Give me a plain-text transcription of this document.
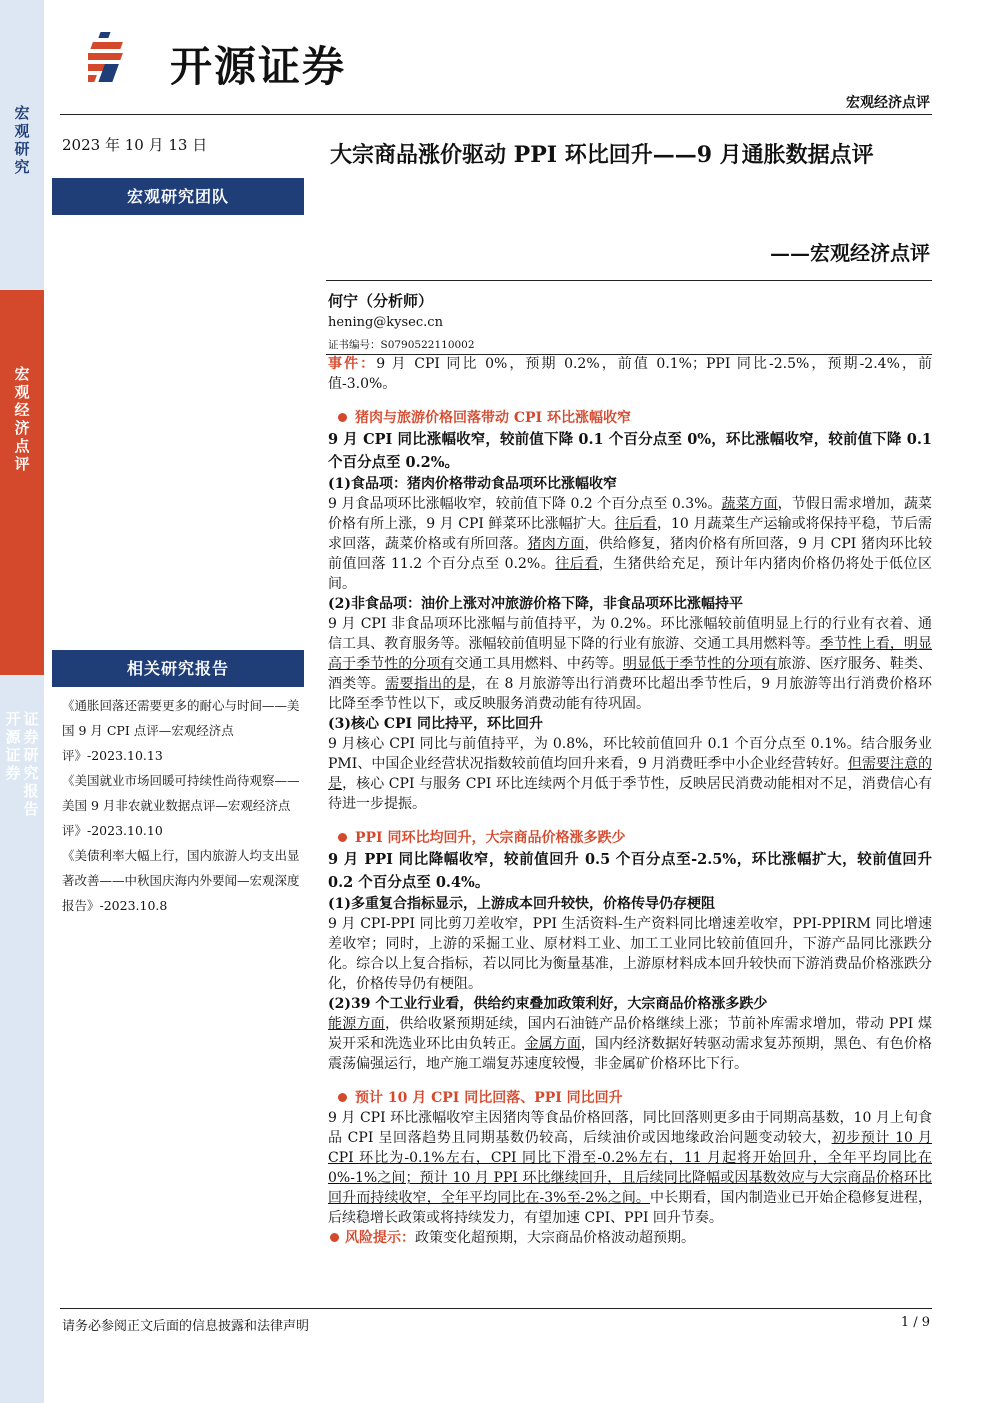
宏
观
研
究
宏
观
经
济
点
评
开
源
证
券
证
券
研
究
报
告
开源证券
宏观经济点评
2023 年 10 月 13 日
宏观研究团队
相关研究报告

《通胀回落还需要更多的耐心与时间——美国 9 月 CPI 点评—宏观经济点评》-2023.10.13

《美国就业市场回暖可持续性尚待观察——美国 9 月非农就业数据点评—宏观经济点评》-2023.10.10

《美债利率大幅上行，国内旅游人均支出显著改善——中秋国庆海内外要闻—宏观深度报告》-2023.10.8

大宗商品涨价驱动 PPI 环比回升——9 月通胀数据点评
——宏观经济点评
何宁（分析师）
hening@kysec.cn
证书编号：S0790522110002

事件：9 月 CPI 同比 0%，预期 0.2%，前值 0.1%；PPI 同比-2.5%，预期-2.4%，前值-3.0%。

猪肉与旅游价格回落带动 CPI 环比涨幅收窄

9 月 CPI 同比涨幅收窄，较前值下降 0.1 个百分点至 0%，环比涨幅收窄，较前值下降 0.1 个百分点至 0.2%。

(1)食品项：猪肉价格带动食品项环比涨幅收窄

9 月食品项环比涨幅收窄，较前值下降 0.2 个百分点至 0.3%。蔬菜方面，节假日需求增加，蔬菜价格有所上涨，9 月 CPI 鲜菜环比涨幅扩大。往后看，10 月蔬菜生产运输或将保持平稳，节后需求回落，蔬菜价格或有所回落。猪肉方面，供给修复，猪肉价格有所回落，9 月 CPI 猪肉环比较前值回落 11.2 个百分点至 0.2%。往后看，生猪供给充足，预计年内猪肉价格仍将处于低位区间。

(2)非食品项：油价上涨对冲旅游价格下降，非食品项环比涨幅持平

9 月 CPI 非食品项环比涨幅与前值持平，为 0.2%。环比涨幅较前值明显上行的行业有衣着、通信工具、教育服务等。涨幅较前值明显下降的行业有旅游、交通工具用燃料等。季节性上看，明显高于季节性的分项有交通工具用燃料、中药等。明显低于季节性的分项有旅游、医疗服务、鞋类、酒类等。需要指出的是，在 8 月旅游等出行消费环比超出季节性后，9 月旅游等出行消费价格环比降至季节性以下，或反映服务消费动能有待巩固。

(3)核心 CPI 同比持平，环比回升

9 月核心 CPI 同比与前值持平，为 0.8%，环比较前值回升 0.1 个百分点至 0.1%。结合服务业 PMI、中国企业经营状况指数较前值均回升来看，9 月消费旺季中小企业经营转好。但需要注意的是，核心 CPI 与服务 CPI 环比连续两个月低于季节性，反映居民消费动能相对不足，消费信心有待进一步提振。

PPI 同环比均回升，大宗商品价格涨多跌少

9 月 PPI 同比降幅收窄，较前值回升 0.5 个百分点至-2.5%，环比涨幅扩大，较前值回升 0.2 个百分点至 0.4%。

(1)多重复合指标显示，上游成本回升较快，价格传导仍存梗阻

9 月 CPI-PPI 同比剪刀差收窄，PPI 生活资料-生产资料同比增速差收窄，PPI-PPIRM 同比增速差收窄；同时，上游的采掘工业、原材料工业、加工工业同比较前值回升，下游产品同比涨跌分化。综合以上复合指标，若以同比为衡量基准，上游原材料成本回升较快而下游消费品价格涨跌分化，价格传导仍有梗阻。

(2)39 个工业行业看，供给约束叠加政策利好，大宗商品价格涨多跌少

能源方面，供给收紧预期延续，国内石油链产品价格继续上涨；节前补库需求增加，带动 PPI 煤炭开采和洗选业环比由负转正。金属方面，国内经济数据好转驱动需求复苏预期，黑色、有色价格震荡偏强运行，地产施工端复苏速度较慢，非金属矿价格环比下行。

预计 10 月 CPI 同比回落、PPI 同比回升

9 月 CPI 环比涨幅收窄主因猪肉等食品价格回落，同比回落则更多由于同期高基数，10 月上旬食品 CPI 呈回落趋势且同期基数仍较高，后续油价或因地缘政治问题变动较大，初步预计 10 月 CPI 环比为-0.1%左右，CPI 同比下滑至-0.2%左右，11 月起将开始回升，全年平均同比在 0%-1%之间；预计 10 月 PPI 环比继续回升，且后续同比降幅或因基数效应与大宗商品价格环比回升而持续收窄，全年平均同比在-3%至-2%之间。中长期看，国内制造业已开始企稳修复进程，后续稳增长政策或将持续发力，有望加速 CPI、PPI 回升节奏。

风险提示：政策变化超预期，大宗商品价格波动超预期。

请务必参阅正文后面的信息披露和法律声明	1 / 9
